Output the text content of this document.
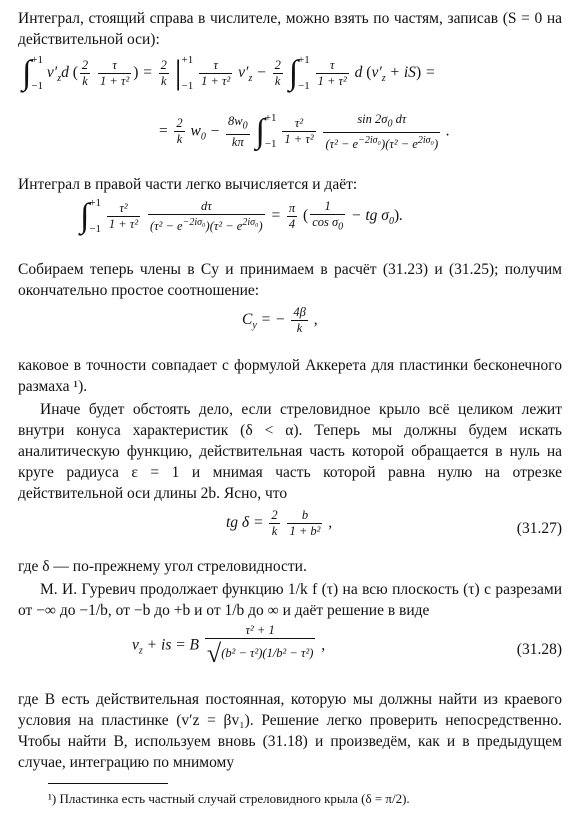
Интеграл, стоящий справа в числителе, можно взять по частям, записав (S = 0 на действительной оси):

∫+1

−1 $v'_zd$ ( $\frac{2}{k}$
$\frac{\tau}{\text{1 + τ²}}$ ) = $\frac{2}{k} |+1$

$-1 \frac{\tau}{\text{1 + τ²}} v'_z - \frac{2}{k} \int+1$

$-1 \frac{\tau}{\text{1 + τ²}}$ d $(v'_z + iS)$ =
= $\frac{2}{k} w_0 - \frac{8w_0}{k\pi} \int+1$

$-1 \frac{\text{τ²}}{\text{1 + τ²}}$
$\frac{\sin 2\sigma_0 d\tau}{(\tau^2 - e^{-2i\sigma_0})(\tau^2 - e^{2i\sigma_0})}$ .

Интеграл в правой части легко вычисляется и даёт:

∫+1

$-1 \frac{\text{τ²}}{\text{1 + τ²}}$
$\frac{d\tau}{(\tau^2 - e^{-2i\sigma_0})(\tau^2 - e^{2i\sigma_0})} = \frac{\pi}{4}$ ( $\frac{1}{\cos \sigma_0}$ − tg $\sigma_0$).

Собираем теперь члены в Cy и принимаем в расчёт (31.23) и (31.25); получим окончательно простое соотношение:

$C_y$ = − $\frac{4\beta}{k}$ ,

каковое в точности совпадает с формулой Аккерета для пластинки бесконечного размаха ¹).

Иначе будет обстоять дело, если стреловидное крыло всё целиком лежит внутри конуса характеристик (δ < α). Теперь мы должны будем искать аналитическую функцию, действительная часть которой обращается в нуль на круге радиуса ε = 1 и мнимая часть которой равна нулю на отрезке действительной оси длины 2b. Ясно, что

tg $\delta = \frac{2}{k}$
$\frac{b}{\text{1 + b²}}$ ,	(31.27)

где δ — по-прежнему угол стреловидности.

М. И. Гуревич продолжает функцию 1/k f (τ) на всю плоскость (τ) с разрезами от −∞ до −1/b, от −b до +b и от 1/b до ∞ и даёт решение в виде

$v_z$ + is = B $\frac{\text{τ² + 1}}{\text{√(b² − τ²)(1/b² − τ²)}}$ ,	(31.28)

где B есть действительная постоянная, которую мы должны найти из краевого условия на пластинке (v′z = βv₁). Решение легко проверить непосредственно. Чтобы найти B, используем вновь (31.18) и произведём, как и в предыдущем случае, интеграцию по мнимому

¹) Пластинка есть частный случай стреловидного крыла (δ = π/2).
